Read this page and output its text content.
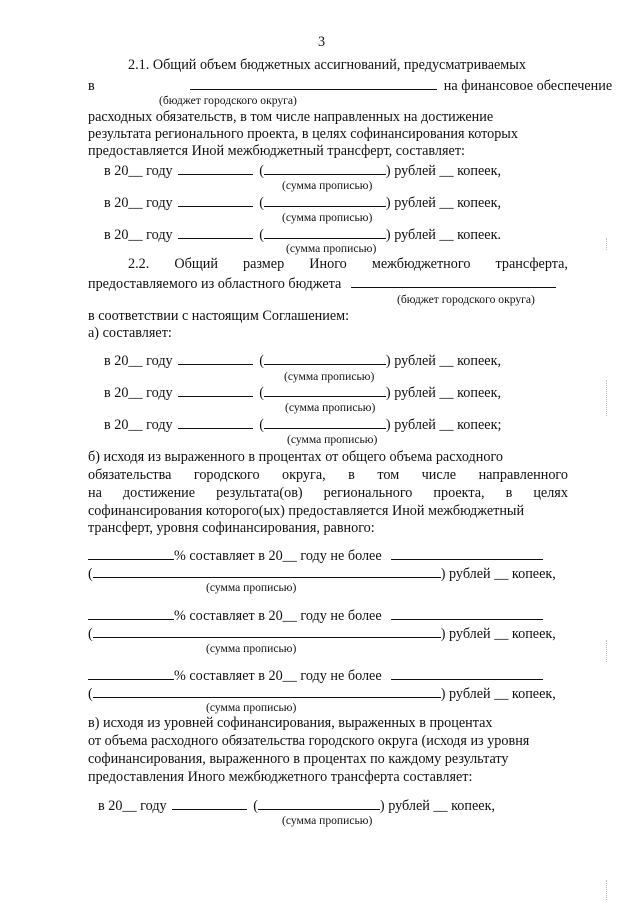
3
2.1. Общий объем бюджетных ассигнований, предусматриваемых
в	на финансовое обеспечение
(бюджет городского округа)
расходных обязательств, в том числе направленных на достижение
результата регионального проекта, в целях софинансирования которых
предоставляется Иной межбюджетный трансферт, составляет:
в 20__ году	(	) рублей __ копеек,
(сумма прописью)
в 20__ году	(	) рублей __ копеек,
(сумма прописью)
в 20__ году	(	) рублей __ копеек.
(сумма прописью)
2.2. Общий размер Иного межбюджетного трансферта,
предоставляемого из областного бюджета
(бюджет городского округа)
в соответствии с настоящим Соглашением:
а) составляет:
в 20__ году	(	) рублей __ копеек,
(сумма прописью)
в 20__ году	(	) рублей __ копеек,
(сумма прописью)
в 20__ году	(	) рублей __ копеек;
(сумма прописью)
б) исходя из выраженного в процентах от общего объема расходного
обязательства городского округа, в том числе направленного
на достижение результата(ов) регионального проекта, в целях
софинансирования которого(ых) предоставляется Иной межбюджетный
трансферт, уровня софинансирования, равного:
% составляет в 20__ году не более
(	) рублей __ копеек,
(сумма прописью)
% составляет в 20__ году не более
(	) рублей __ копеек,
(сумма прописью)
% составляет в 20__ году не более
(	) рублей __ копеек,
(сумма прописью)
в) исходя из уровней софинансирования, выраженных в процентах
от объема расходного обязательства городского округа (исходя из уровня
софинансирования, выраженного в процентах по каждому результату
предоставления Иного межбюджетного трансферта составляет:
в 20__ году	(	) рублей __ копеек,
(сумма прописью)
